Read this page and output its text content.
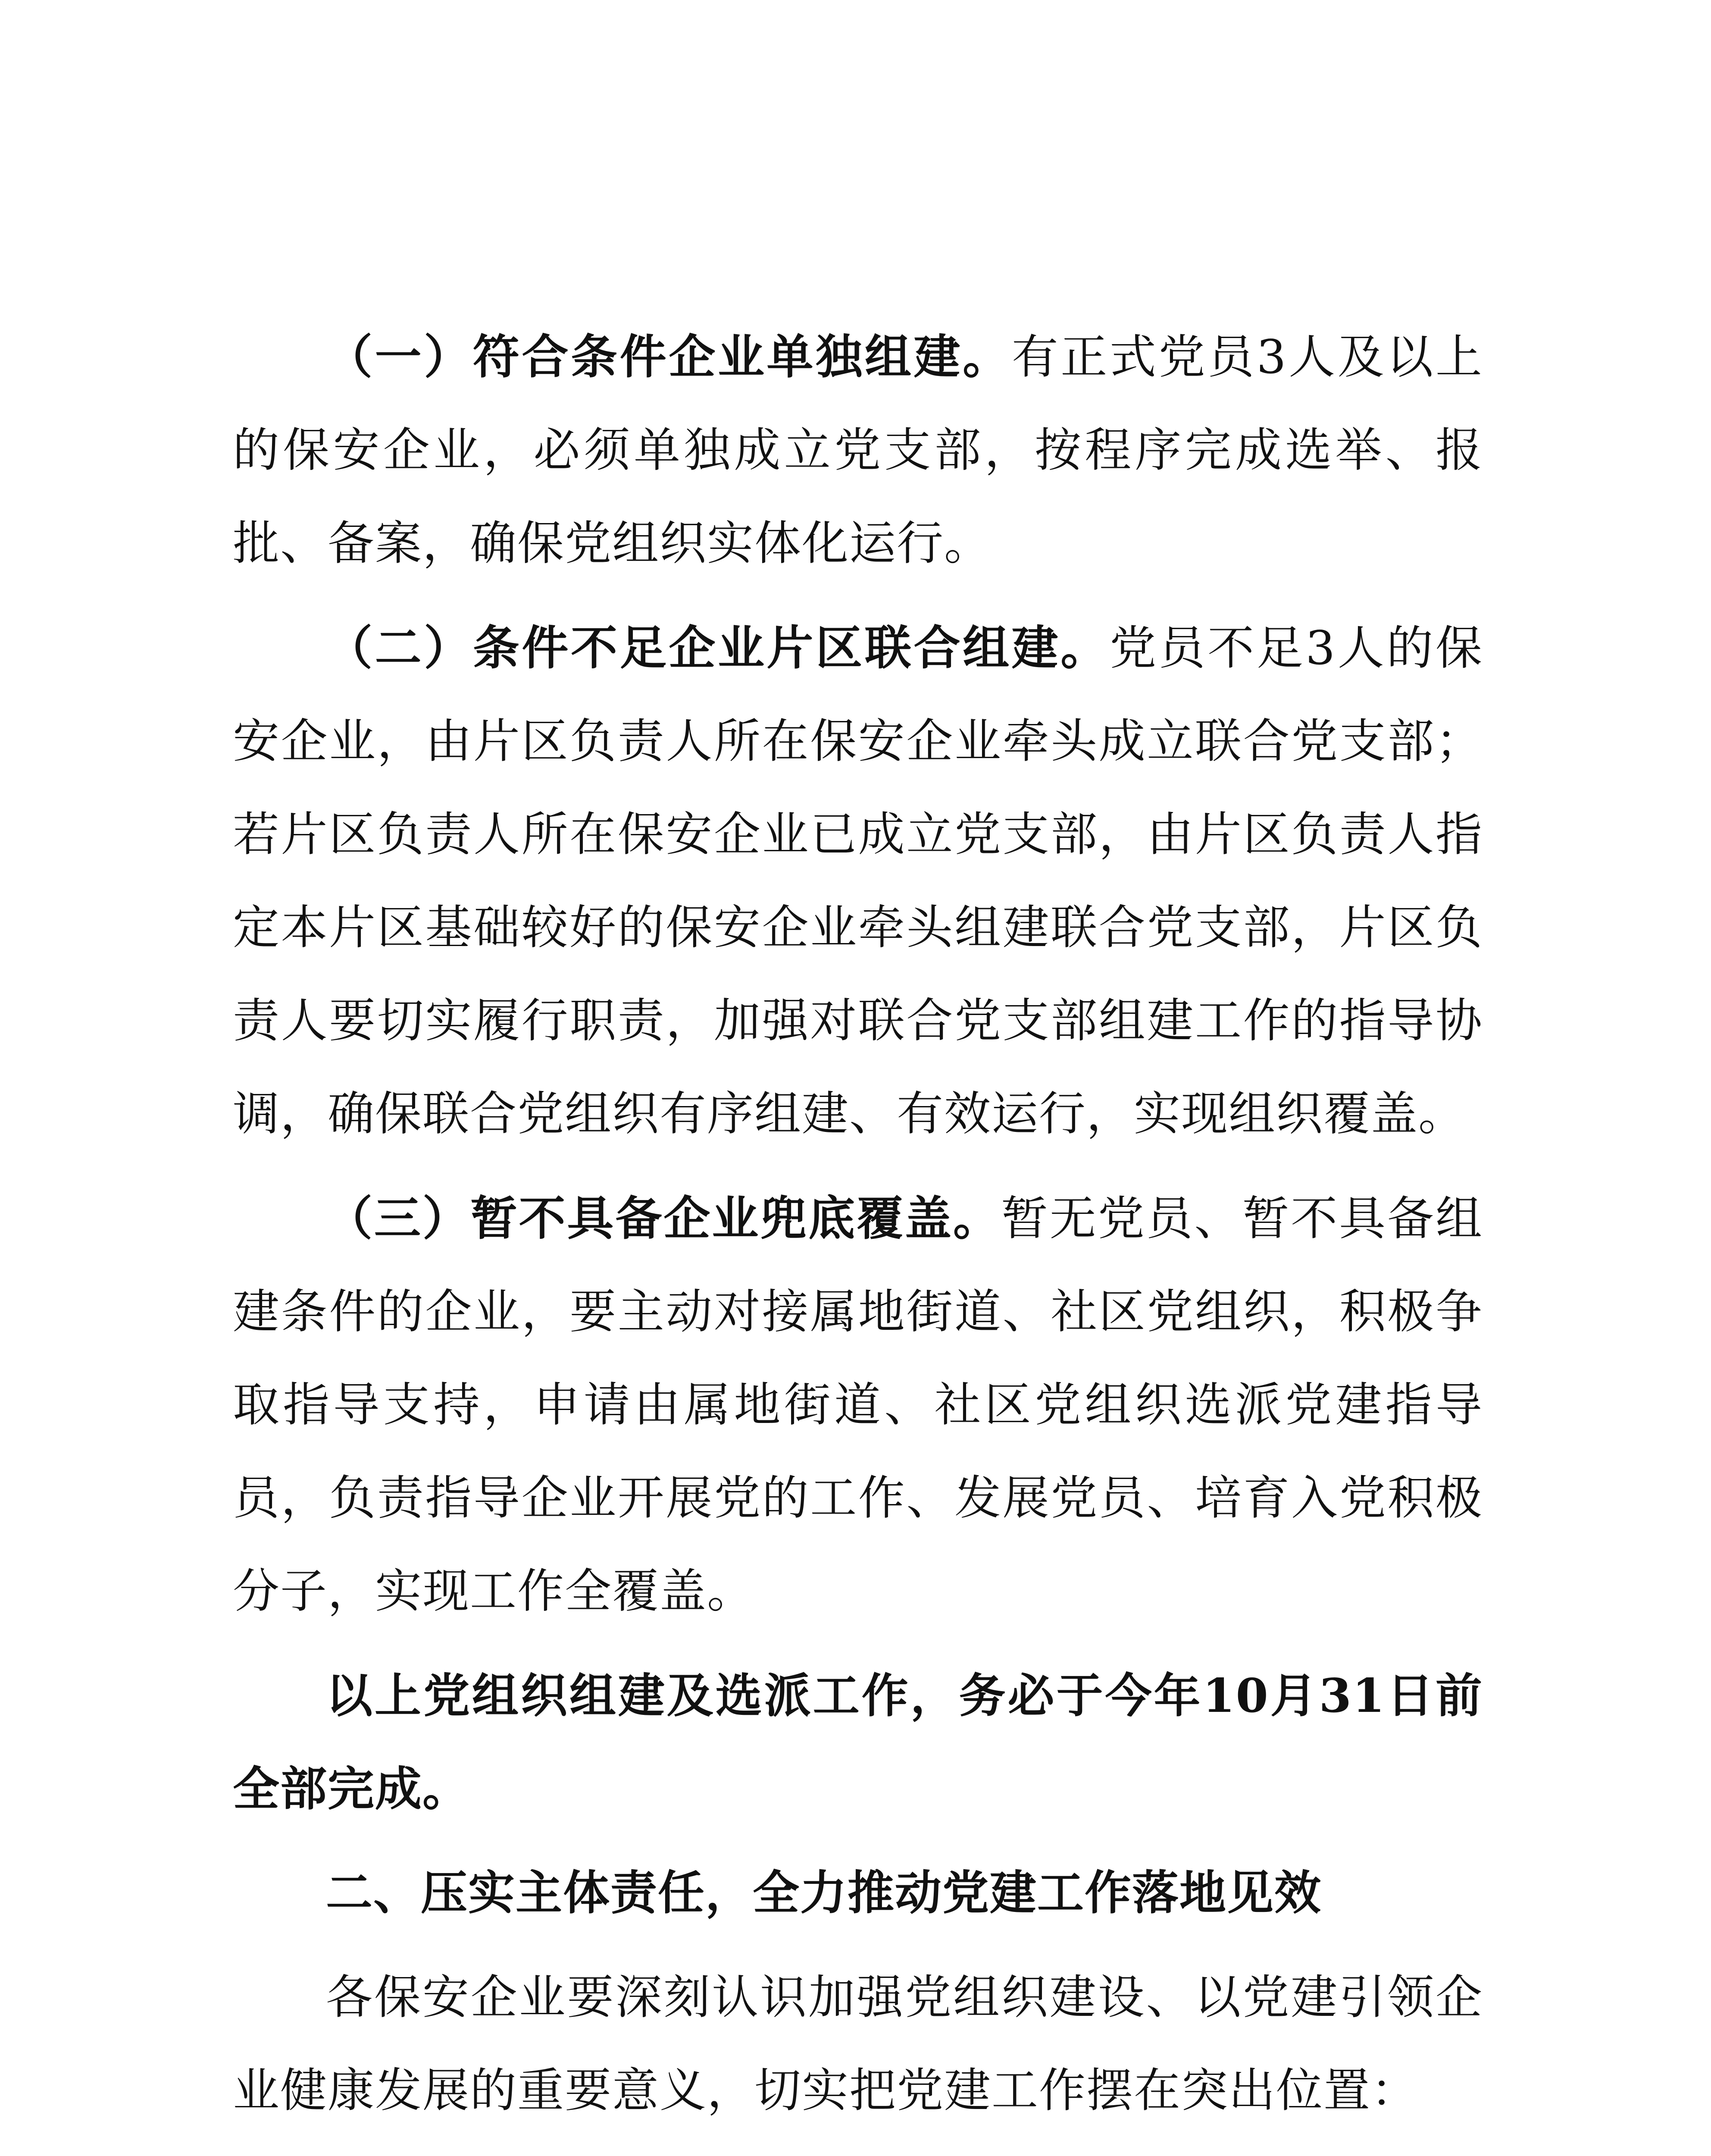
（一）符合条件企业单独组建。有正式党员3人及以上的保安企业，必须单独成立党支部，按程序完成选举、报批、备案，确保党组织实体化运行。

（二）条件不足企业片区联合组建。党员不足3人的保安企业，由片区负责人所在保安企业牵头成立联合党支部；若片区负责人所在保安企业已成立党支部，由片区负责人指定本片区基础较好的保安企业牵头组建联合党支部，片区负责人要切实履行职责，加强对联合党支部组建工作的指导协调，确保联合党组织有序组建、有效运行，实现组织覆盖。

（三）暂不具备企业兜底覆盖。暂无党员、暂不具备组建条件的企业，要主动对接属地街道、社区党组织，积极争取指导支持，申请由属地街道、社区党组织选派党建指导员，负责指导企业开展党的工作、发展党员、培育入党积极分子，实现工作全覆盖。

以上党组织组建及选派工作，务必于今年10月31日前全部完成。

二、压实主体责任，全力推动党建工作落地见效

各保安企业要深刻认识加强党组织建设、以党建引领企业健康发展的重要意义，切实把党建工作摆在突出位置：
